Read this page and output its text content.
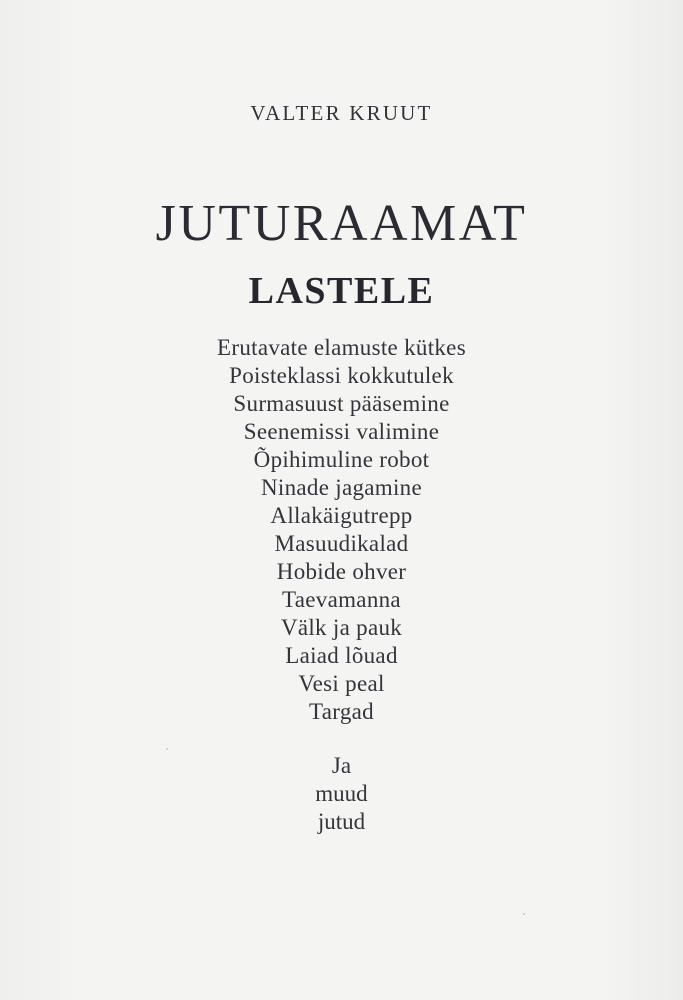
VALTER KRUUT
JUTURAAMAT
LASTELE
Erutavate elamuste kütkes
Poisteklassi kokkutulek
Surmasuust pääsemine
Seenemissi valimine
Õpihimuline robot
Ninade jagamine
Allakäigutrepp
Masuudikalad
Hobide ohver
Taevamanna
Välk ja pauk
Laiad lõuad
Vesi peal
Targad
Ja
muud
jutud
